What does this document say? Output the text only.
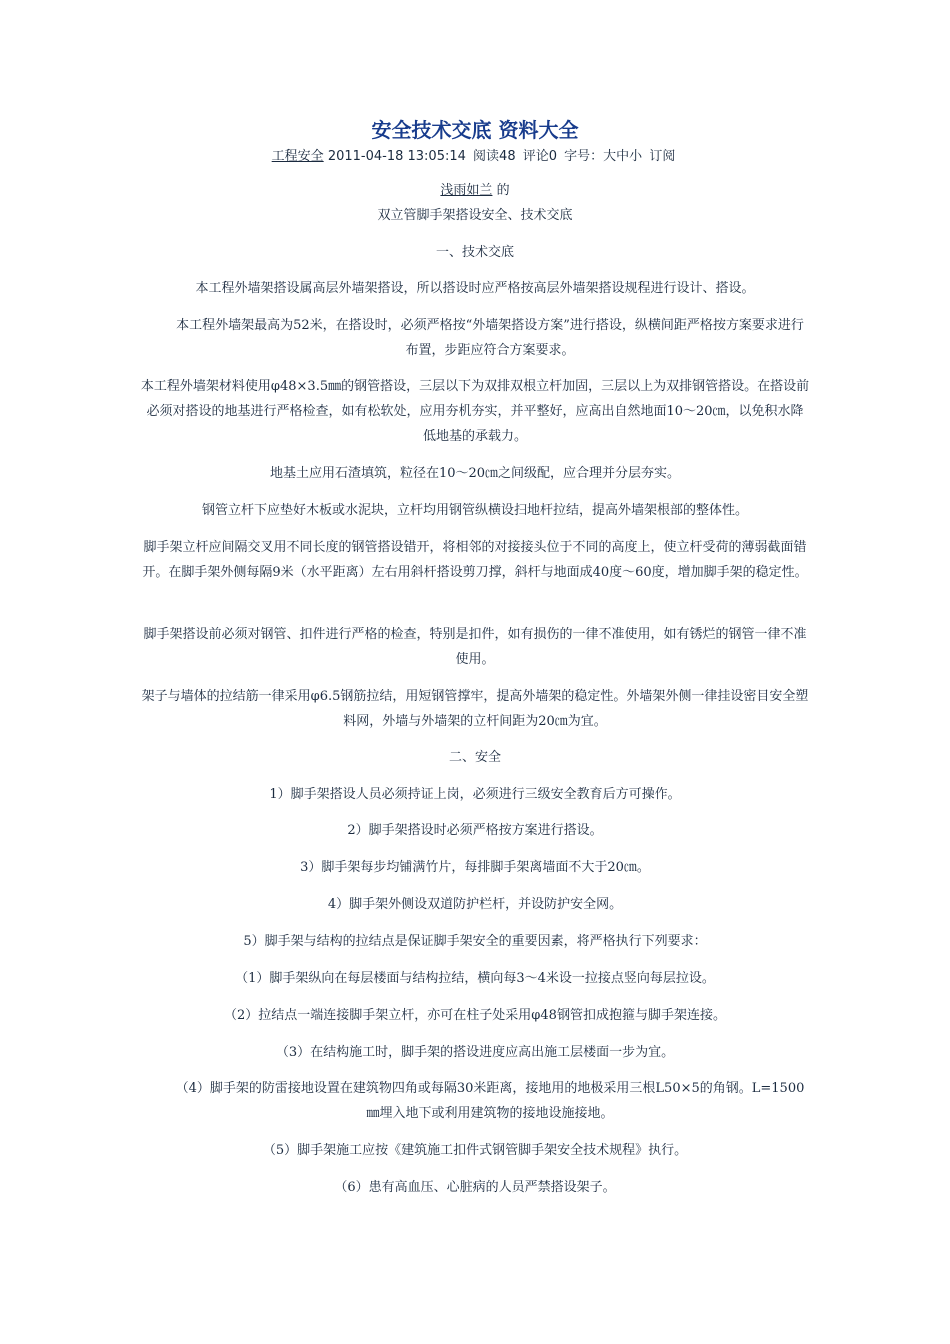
安全技术交底 资料大全
工程安全 2011-04-18 13:05:14 阅读48 评论0 字号：大中小 订阅
浅雨如兰 的
双立管脚手架搭设安全、技术交底
一、技术交底
本工程外墙架搭设属高层外墙架搭设，所以搭设时应严格按高层外墙架搭设规程进行设计、搭设。
本工程外墙架最高为52米，在搭设时，必须严格按“外墙架搭设方案”进行搭设，纵横间距严格按方案要求进行布置，步距应符合方案要求。
本工程外墙架材料使用φ48×3.5㎜的钢管搭设，三层以下为双排双根立杆加固，三层以上为双排钢管搭设。在搭设前必须对搭设的地基进行严格检查，如有松软处，应用夯机夯实，并平整好，应高出自然地面10～20㎝，以免积水降低地基的承载力。
地基土应用石渣填筑，粒径在10～20㎝之间级配，应合理并分层夯实。
钢管立杆下应垫好木板或水泥块，立杆均用钢管纵横设扫地杆拉结，提高外墙架根部的整体性。
脚手架立杆应间隔交叉用不同长度的钢管搭设错开，将相邻的对接接头位于不同的高度上，使立杆受荷的薄弱截面错开。在脚手架外侧每隔9米（水平距离）左右用斜杆搭设剪刀撑，斜杆与地面成40度～60度，增加脚手架的稳定性。
脚手架搭设前必须对钢管、扣件进行严格的检查，特别是扣件，如有损伤的一律不准使用，如有锈烂的钢管一律不准使用。
架子与墙体的拉结筋一律采用φ6.5钢筋拉结，用短钢管撑牢，提高外墙架的稳定性。外墙架外侧一律挂设密目安全塑料网，外墙与外墙架的立杆间距为20㎝为宜。
二、安全
1）脚手架搭设人员必须持证上岗，必须进行三级安全教育后方可操作。
2）脚手架搭设时必须严格按方案进行搭设。
3）脚手架每步均铺满竹片，每排脚手架离墙面不大于20㎝。
4）脚手架外侧设双道防护栏杆，并设防护安全网。
5）脚手架与结构的拉结点是保证脚手架安全的重要因素，将严格执行下列要求：
（1）脚手架纵向在每层楼面与结构拉结，横向每3～4米设一拉接点竖向每层拉设。
（2）拉结点一端连接脚手架立杆，亦可在柱子处采用φ48钢管扣成抱箍与脚手架连接。
（3）在结构施工时，脚手架的搭设进度应高出施工层楼面一步为宜。
（4）脚手架的防雷接地设置在建筑物四角或每隔30米距离，接地用的地极采用三根L50×5的角钢。L=1500㎜埋入地下或利用建筑物的接地设施接地。
（5）脚手架施工应按《建筑施工扣件式钢管脚手架安全技术规程》执行。
（6）患有高血压、心脏病的人员严禁搭设架子。
